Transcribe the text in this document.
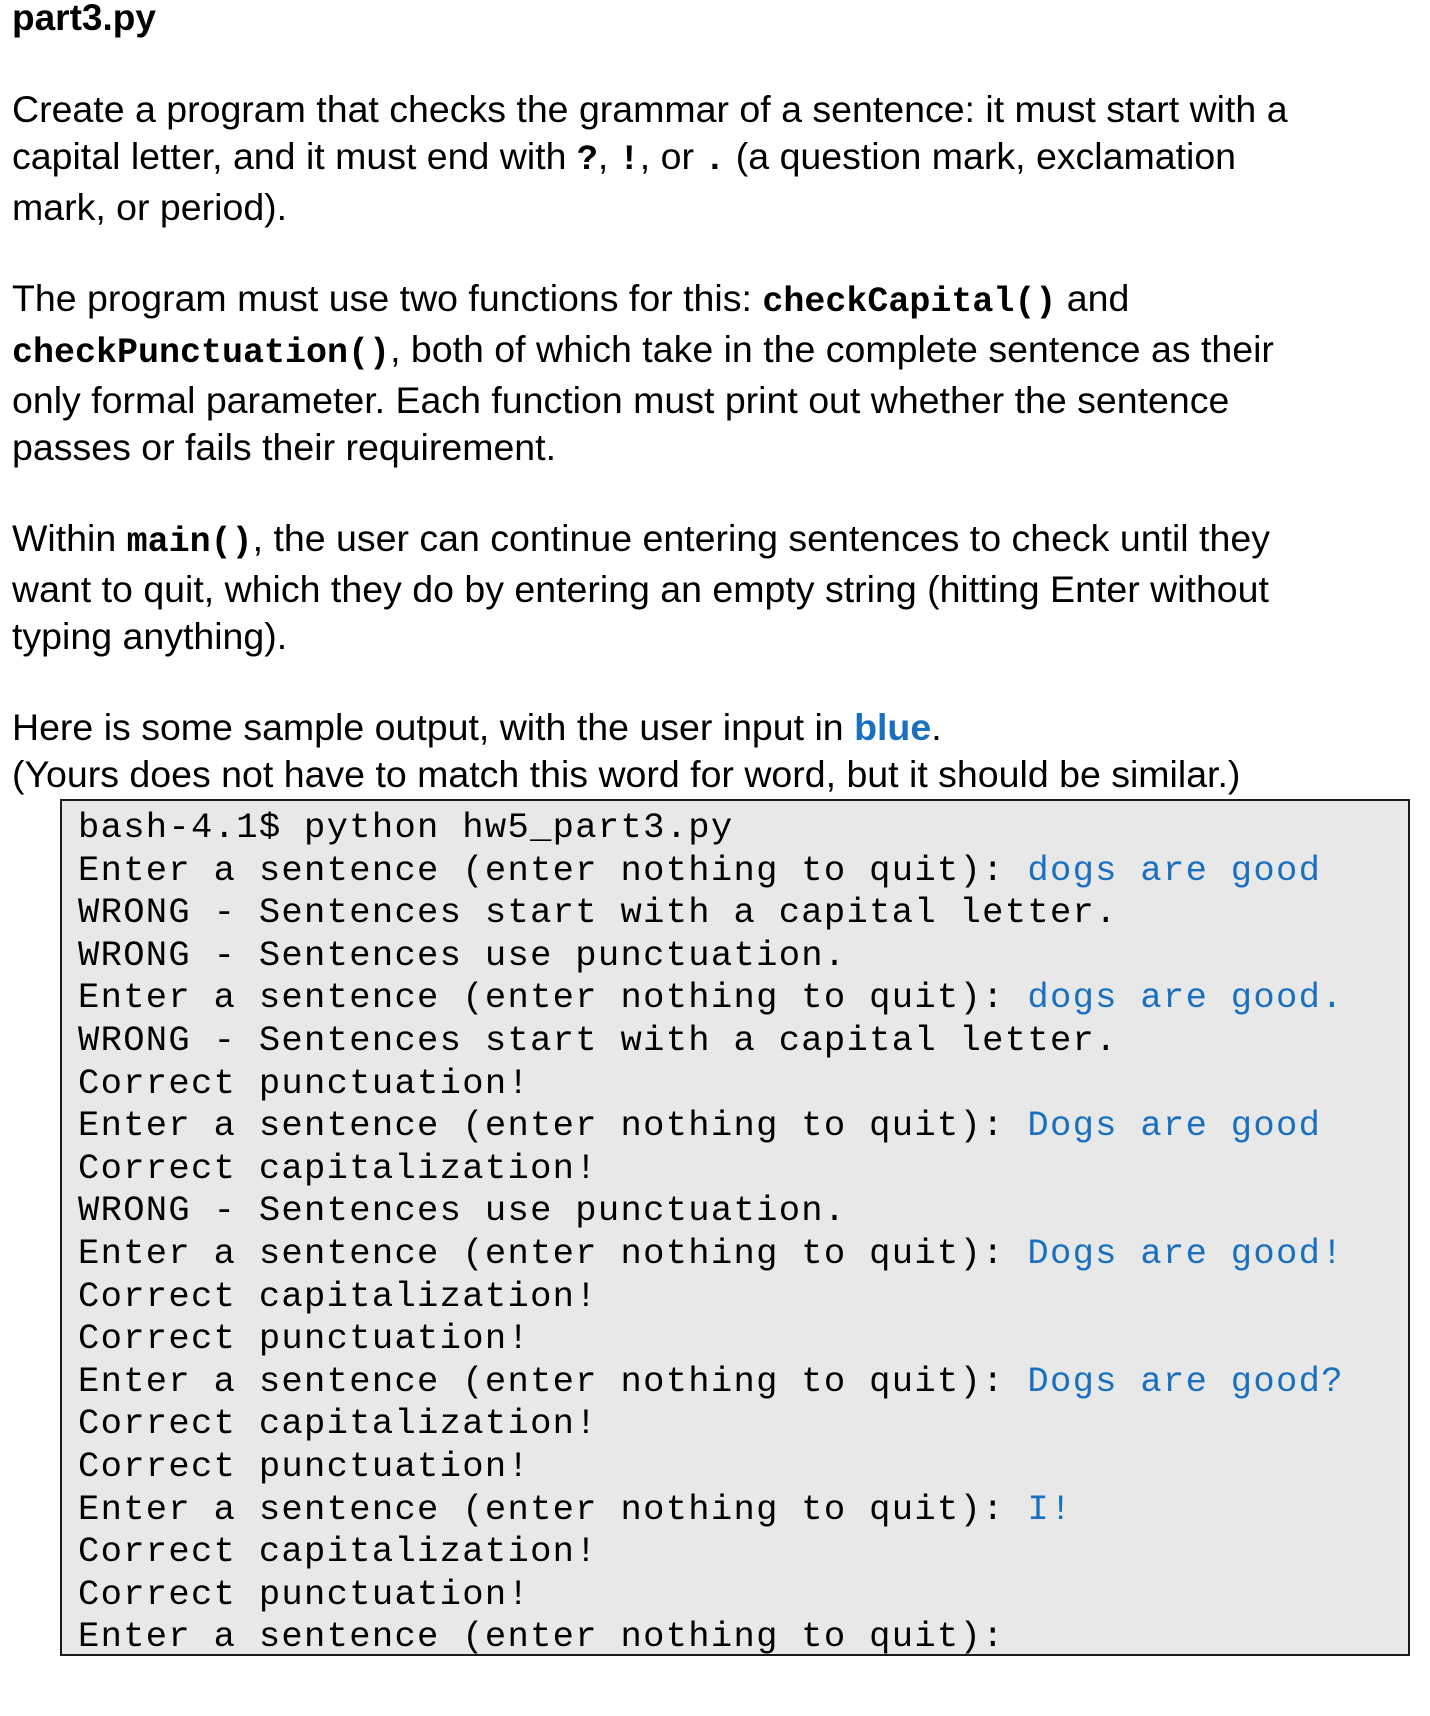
part3.py
Create a program that checks the grammar of a sentence: it must start with a
capital letter, and it must end with ?, !, or . (a question mark, exclamation
mark, or period).
The program must use two functions for this: checkCapital() and
checkPunctuation(), both of which take in the complete sentence as their
only formal parameter. Each function must print out whether the sentence
passes or fails their requirement.
Within main(), the user can continue entering sentences to check until they
want to quit, which they do by entering an empty string (hitting Enter without
typing anything).
Here is some sample output, with the user input in blue.
(Yours does not have to match this word for word, but it should be similar.)
bash-4.1$ python hw5_part3.py
Enter a sentence (enter nothing to quit): dogs are good
WRONG - Sentences start with a capital letter.
WRONG - Sentences use punctuation.
Enter a sentence (enter nothing to quit): dogs are good.
WRONG - Sentences start with a capital letter.
Correct punctuation!
Enter a sentence (enter nothing to quit): Dogs are good
Correct capitalization!
WRONG - Sentences use punctuation.
Enter a sentence (enter nothing to quit): Dogs are good!
Correct capitalization!
Correct punctuation!
Enter a sentence (enter nothing to quit): Dogs are good?
Correct capitalization!
Correct punctuation!
Enter a sentence (enter nothing to quit): I!
Correct capitalization!
Correct punctuation!
Enter a sentence (enter nothing to quit):
